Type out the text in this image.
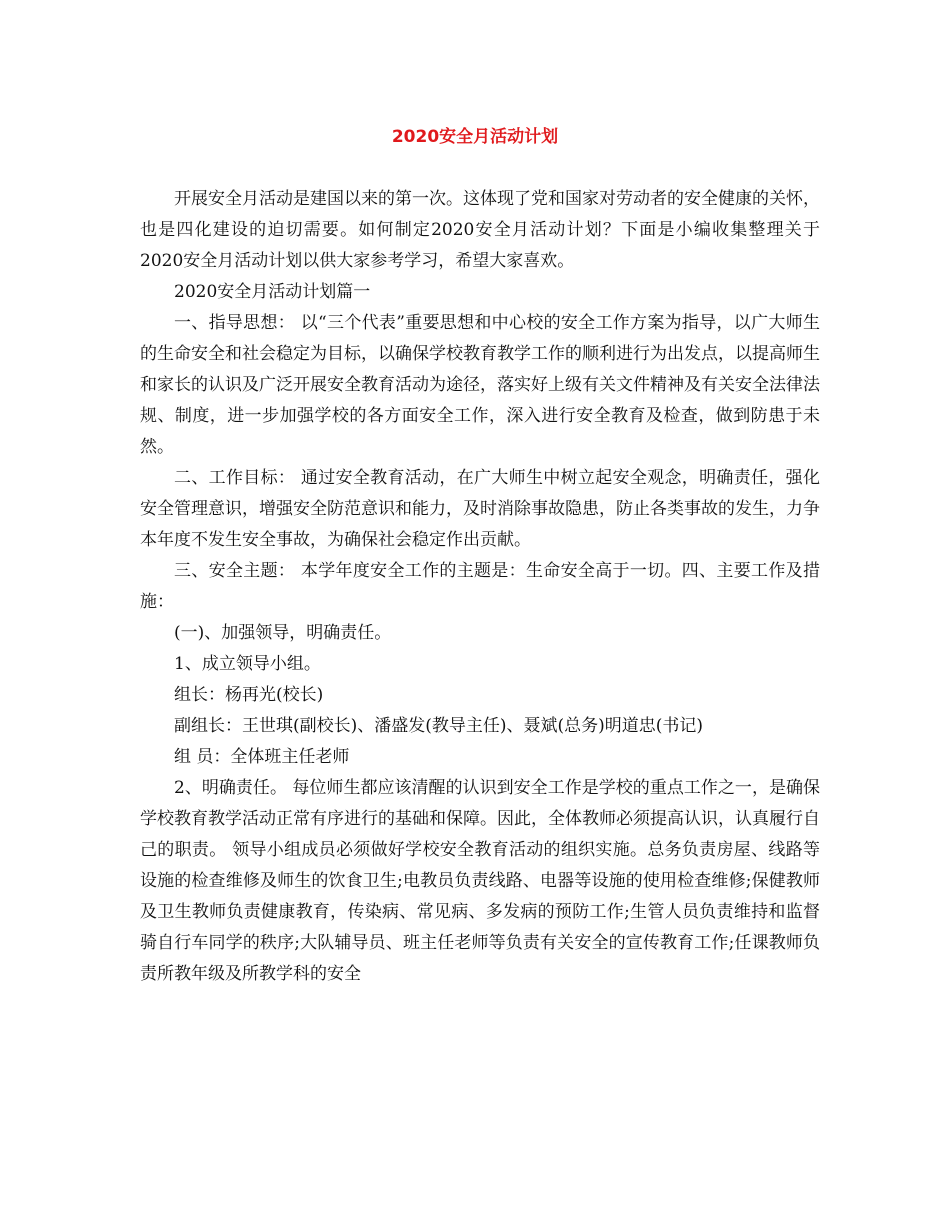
2020安全月活动计划

开展安全月活动是建国以来的第一次。这体现了党和国家对劳动者的安全健康的关怀，也是四化建设的迫切需要。如何制定2020安全月活动计划？下面是小编收集整理关于2020安全月活动计划以供大家参考学习，希望大家喜欢。

2020安全月活动计划篇一

一、指导思想： 以“三个代表”重要思想和中心校的安全工作方案为指导，以广大师生的生命安全和社会稳定为目标，以确保学校教育教学工作的顺利进行为出发点，以提高师生和家长的认识及广泛开展安全教育活动为途径，落实好上级有关文件精神及有关安全法律法规、制度，进一步加强学校的各方面安全工作，深入进行安全教育及检查，做到防患于未然。

二、工作目标： 通过安全教育活动，在广大师生中树立起安全观念，明确责任，强化安全管理意识，增强安全防范意识和能力，及时消除事故隐患，防止各类事故的发生，力争本年度不发生安全事故，为确保社会稳定作出贡献。

三、安全主题： 本学年度安全工作的主题是：生命安全高于一切。四、主要工作及措施：

(一)、加强领导，明确责任。

1、成立领导小组。

组长：杨再光(校长)

副组长：王世琪(副校长)、潘盛发(教导主任)、聂斌(总务)明道忠(书记)

组 员：全体班主任老师

2、明确责任。 每位师生都应该清醒的认识到安全工作是学校的重点工作之一，是确保学校教育教学活动正常有序进行的基础和保障。因此，全体教师必须提高认识，认真履行自己的职责。 领导小组成员必须做好学校安全教育活动的组织实施。总务负责房屋、线路等设施的检查维修及师生的饮食卫生;电教员负责线路、电器等设施的使用检查维修;保健教师及卫生教师负责健康教育，传染病、常见病、多发病的预防工作;生管人员负责维持和监督骑自行车同学的秩序;大队辅导员、班主任老师等负责有关安全的宣传教育工作;任课教师负责所教年级及所教学科的安全
